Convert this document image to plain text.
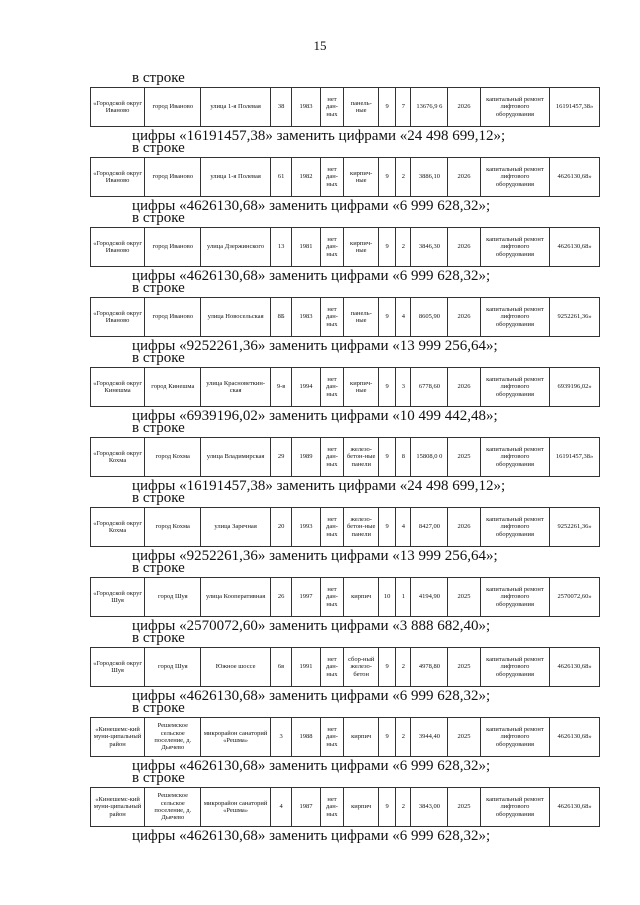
15
в строке
«Городской округ Иваново	город Иваново	улица 1-я Полевая	38	1983	нет дан-ных	панель-ные	9	7	13676,9 6	2026	капитальный ремонт лифтового оборудования	16191457,38»
цифры «16191457,38» заменить цифрами «24 498 699,12»;
в строке
«Городской округ Иваново	город Иваново	улица 1-я Полевая	61	1982	нет дан-ных	кирпич-ные	9	2	3886,10	2026	капитальный ремонт лифтового оборудования	4626130,68»
цифры «4626130,68» заменить цифрами «6 999 628,32»;
в строке
«Городской округ Иваново	город Иваново	улица Дзержинского	13	1981	нет дан-ных	кирпич-ные	9	2	3846,30	2026	капитальный ремонт лифтового оборудования	4626130,68»
цифры «4626130,68» заменить цифрами «6 999 628,32»;
в строке
«Городской округ Иваново	город Иваново	улица Новосельская	8Б	1983	нет дан-ных	панель-ные	9	4	8605,90	2026	капитальный ремонт лифтового оборудования	9252261,36»
цифры «9252261,36» заменить цифрами «13 999 256,64»;
в строке
«Городской округ Кинешма	город Кинешма	улица Красноветкин-ская	9-в	1994	нет дан-ных	кирпич-ные	9	3	6778,60	2026	капитальный ремонт лифтового оборудования	6939196,02»
цифры «6939196,02» заменить цифрами «10 499 442,48»;
в строке
«Городской округ Кохма	город Кохма	улица Владимирская	29	1989	нет дан-ных	железо-бетон-ные панели	9	8	15808,0 0	2025	капитальный ремонт лифтового оборудования	16191457,38»
цифры «16191457,38» заменить цифрами «24 498 699,12»;
в строке
«Городской округ Кохма	город Кохма	улица Заречная	20	1993	нет дан-ных	железо-бетон-ные панели	9	4	8427,00	2026	капитальный ремонт лифтового оборудования	9252261,36»
цифры «9252261,36» заменить цифрами «13 999 256,64»;
в строке
«Городской округ Шуя	город Шуя	улица Кооперативная	26	1997	нет дан-ных	кирпич	10	1	4194,90	2025	капитальный ремонт лифтового оборудования	2570072,60»
цифры «2570072,60» заменить цифрами «3 888 682,40»;
в строке
«Городской округ Шуя	город Шуя	Южное шоссе	6в	1991	нет дан-ных	сбор-ный железо-бетон	9	2	4978,80	2025	капитальный ремонт лифтового оборудования	4626130,68»
цифры «4626130,68» заменить цифрами «6 999 628,32»;
в строке
«Кинешемс-кий муни-ципальный район	Решемское сельское поселение, д. Дьячево	микрорайон санаторий «Решма»	3	1988	нет дан-ных	кирпич	9	2	3944,40	2025	капитальный ремонт лифтового оборудования	4626130,68»
цифры «4626130,68» заменить цифрами «6 999 628,32»;
в строке
«Кинешемс-кий муни-ципальный район	Решемское сельское поселение, д. Дьячево	микрорайон санаторий «Решма»	4	1987	нет дан-ных	кирпич	9	2	3843,00	2025	капитальный ремонт лифтового оборудования	4626130,68»
цифры «4626130,68» заменить цифрами «6 999 628,32»;
